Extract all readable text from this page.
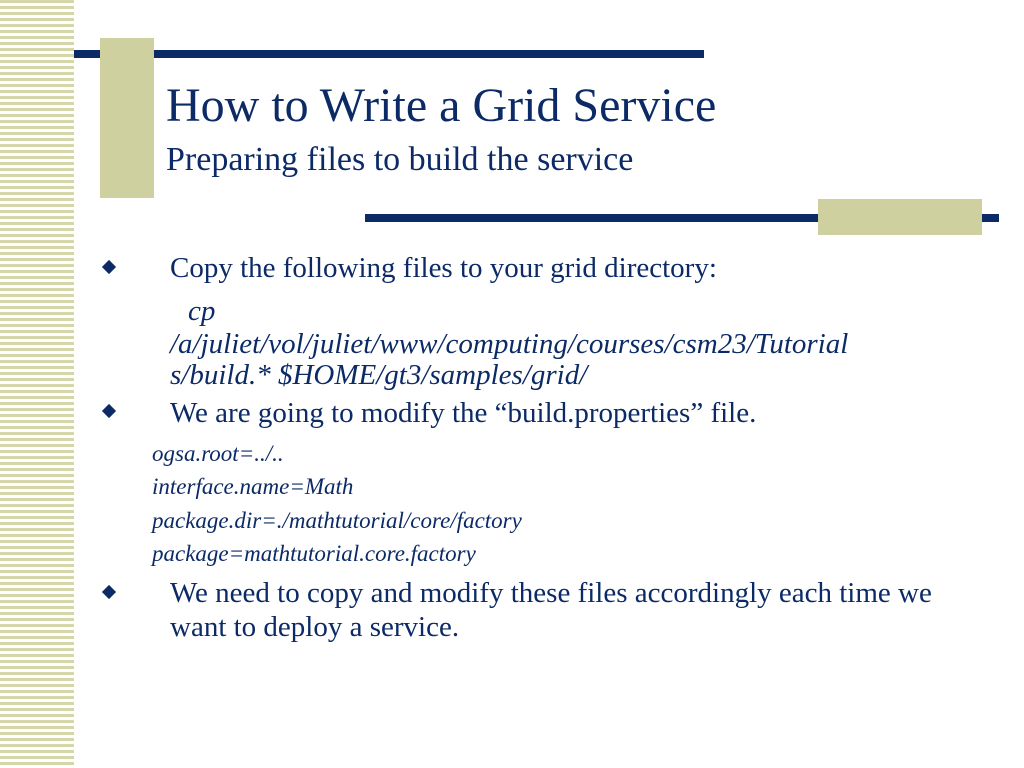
How to Write a Grid Service
Preparing files to build the service
Copy the following files to your grid directory:
cp
/a/juliet/vol/juliet/www/computing/courses/csm23/Tutorial
s/build.* $HOME/gt3/samples/grid/
We are going to modify the “build.properties” file.
ogsa.root=../..
interface.name=Math
package.dir=./mathtutorial/core/factory
package=mathtutorial.core.factory
We need to copy and modify these files accordingly each time we want to deploy a service.
